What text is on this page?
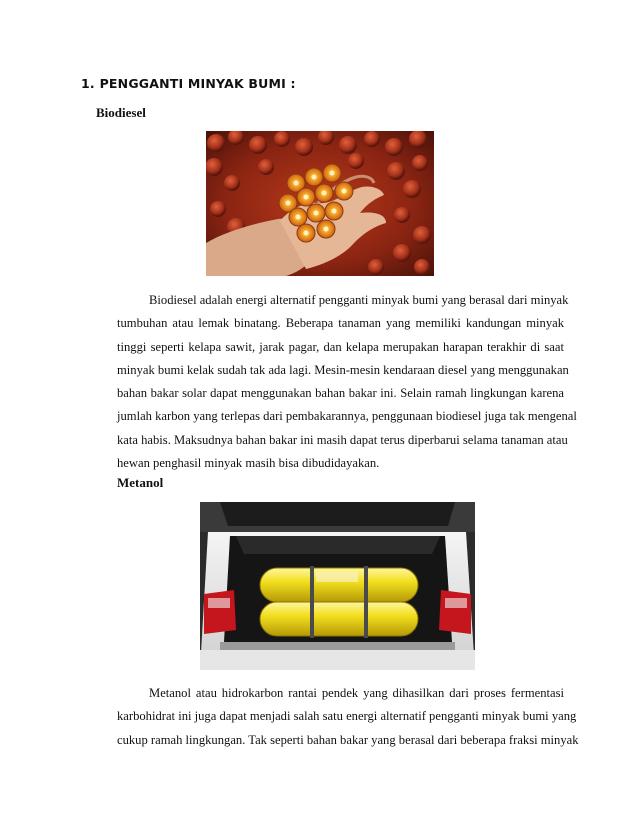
1. PENGGANTI MINYAK BUMI :
Biodiesel
Biodiesel adalah energi alternatif pengganti minyak bumi yang berasal dari minyak
tumbuhan atau lemak binatang. Beberapa tanaman yang memiliki kandungan minyak
tinggi seperti kelapa sawit, jarak pagar, dan kelapa merupakan harapan terakhir di saat
minyak bumi kelak sudah tak ada lagi. Mesin-mesin kendaraan diesel yang menggunakan
bahan bakar solar dapat menggunakan bahan bakar ini. Selain ramah lingkungan karena
jumlah karbon yang terlepas dari pembakarannya, penggunaan biodiesel juga tak mengenal
kata habis. Maksudnya bahan bakar ini masih dapat terus diperbarui selama tanaman atau
hewan penghasil minyak masih bisa dibudidayakan.
Metanol
Metanol atau hidrokarbon rantai pendek yang dihasilkan dari proses fermentasi
karbohidrat ini juga dapat menjadi salah satu energi alternatif pengganti minyak bumi yang
cukup ramah lingkungan. Tak seperti bahan bakar yang berasal dari beberapa fraksi minyak
